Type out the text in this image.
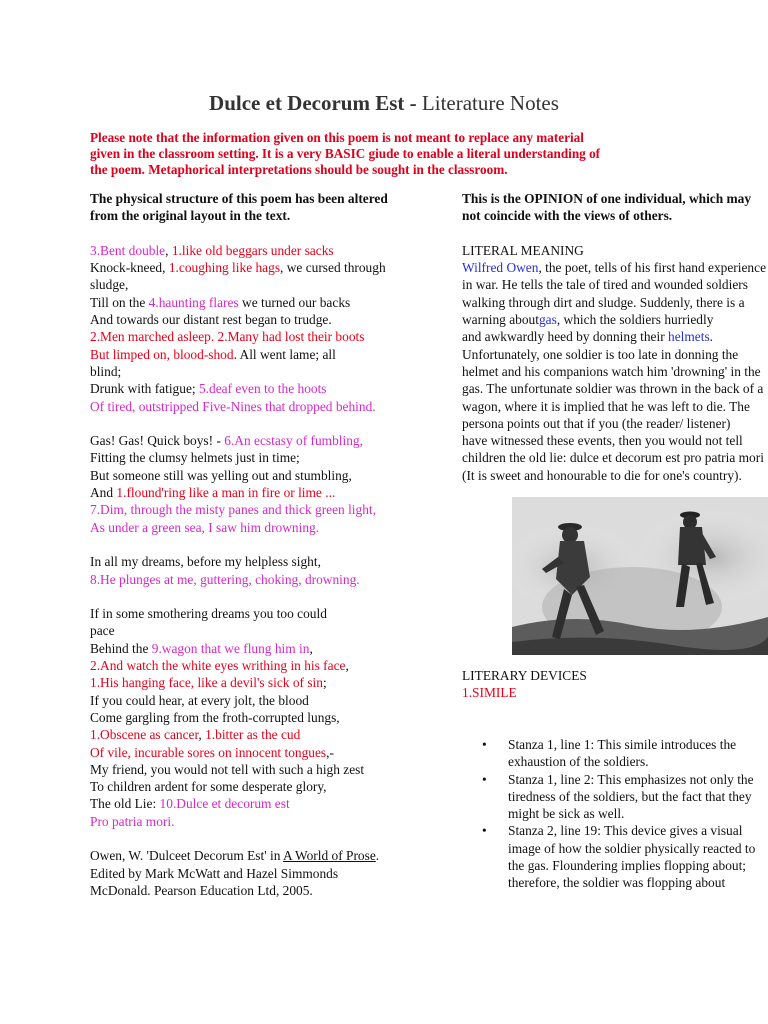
Dulce et Decorum Est - Literature Notes
Please note that the information given on this poem is not meant to replace any material
given in the classroom setting. It is a very BASIC giude to enable a literal understanding of
the poem. Metaphorical interpretations should be sought in the classroom.
The physical structure of this poem has been altered
from the original layout in the text.
3.Bent double, 1.like old beggars under sacks
Knock-kneed, 1.coughing like hags, we cursed through
sludge,
Till on the 4.haunting flares we turned our backs
And towards our distant rest began to trudge.
2.Men marched asleep. 2.Many had lost their boots
But limped on, blood-shod. All went lame; all
blind;
Drunk with fatigue; 5.deaf even to the hoots
Of tired, outstripped Five-Nines that dropped behind.
Gas! Gas! Quick boys! - 6.An ecstasy of fumbling,
Fitting the clumsy helmets just in time;
But someone still was yelling out and stumbling,
And 1.flound'ring like a man in fire or lime ...
7.Dim, through the misty panes and thick green light,
As under a green sea, I saw him drowning.
In all my dreams, before my helpless sight,
8.He plunges at me, guttering, choking, drowning.
If in some smothering dreams you too could
pace
Behind the 9.wagon that we flung him in,
2.And watch the white eyes writhing in his face,
1.His hanging face, like a devil's sick of sin;
If you could hear, at every jolt, the blood
Come gargling from the froth-corrupted lungs,
1.Obscene as cancer, 1.bitter as the cud
Of vile, incurable sores on innocent tongues,-
My friend, you would not tell with such a high zest
To children ardent for some desperate glory,
The old Lie: 10.Dulce et decorum est
Pro patria mori.
Owen, W. 'Dulceet Decorum Est' in A World of Prose.
Edited by Mark McWatt and Hazel Simmonds
McDonald. Pearson Education Ltd, 2005.
This is the OPINION of one individual, which may
not coincide with the views of others.
LITERAL MEANING
Wilfred Owen, the poet, tells of his first hand experience
in war. He tells the tale of tired and wounded soldiers
walking through dirt and sludge. Suddenly, there is a
warning aboutgas, which the soldiers hurriedly
and awkwardly heed by donning their helmets.
Unfortunately, one soldier is too late in donning the
helmet and his companions watch him 'drowning' in the
gas. The unfortunate soldier was thrown in the back of a
wagon, where it is implied that he was left to die. The
persona points out that if you (the reader/ listener)
have witnessed these events, then you would not tell
children the old lie: dulce et decorum est pro patria mori
(It is sweet and honourable to die for one's country).
LITERARY DEVICES
1.SIMILE
• Stanza 1, line 1: This simile introduces the
exhaustion of the soldiers.
• Stanza 1, line 2: This emphasizes not only the
tiredness of the soldiers, but the fact that they
might be sick as well.
• Stanza 2, line 19: This device gives a visual
image of how the soldier physically reacted to
the gas. Floundering implies flopping about;
therefore, the soldier was flopping about
